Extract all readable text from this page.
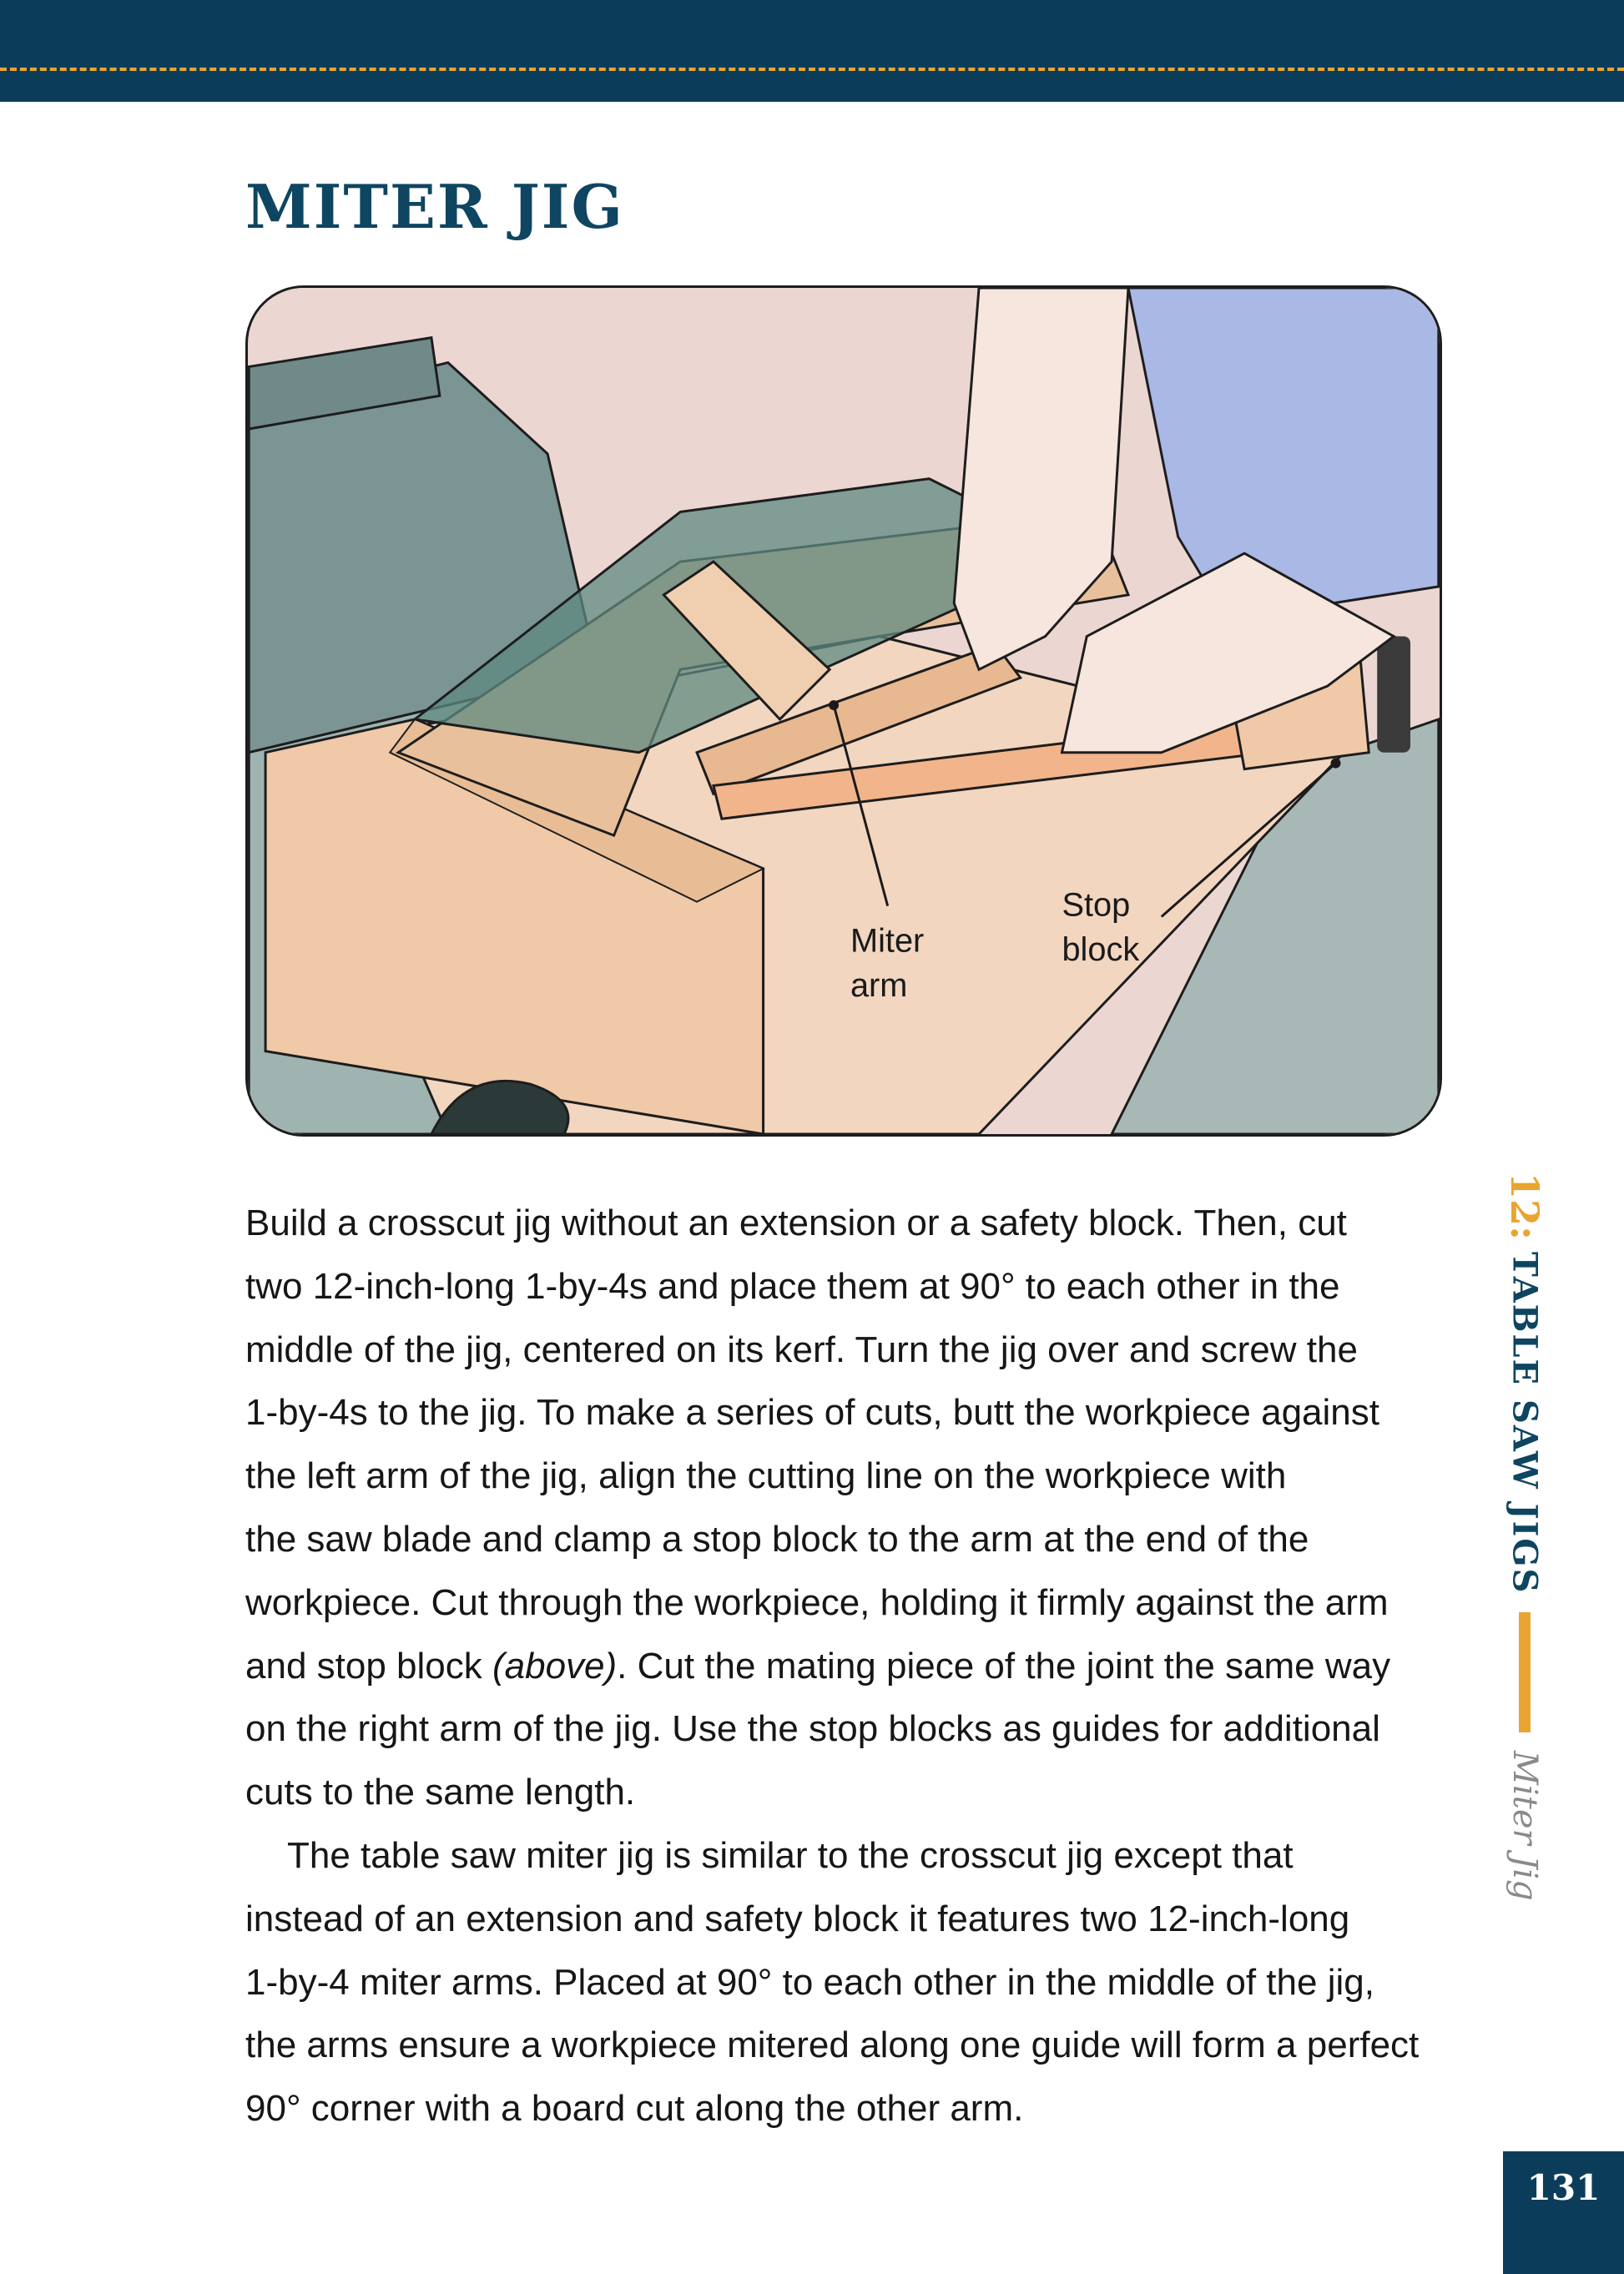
MITER JIG
Miter
arm
Stop
block

Build a crosscut jig without an extension or a safety block. Then, cut

two 12-inch-long 1-by-4s and place them at 90° to each other in the

middle of the jig, centered on its kerf. Turn the jig over and screw the

1-by-4s to the jig. To make a series of cuts, butt the workpiece against

the left arm of the jig, align the cutting line on the workpiece with

the saw blade and clamp a stop block to the arm at the end of the

workpiece. Cut through the workpiece, holding it firmly against the arm

and stop block (above). Cut the mating piece of the joint the same way

on the right arm of the jig. Use the stop blocks as guides for additional

cuts to the same length.

The table saw miter jig is similar to the crosscut jig except that

instead of an extension and safety block it features two 12-inch-long

1-by-4 miter arms. Placed at 90° to each other in the middle of the jig,

the arms ensure a workpiece mitered along one guide will form a perfect

90° corner with a board cut along the other arm.

12:
TABLE SAW JIGS
Miter Jig
131
